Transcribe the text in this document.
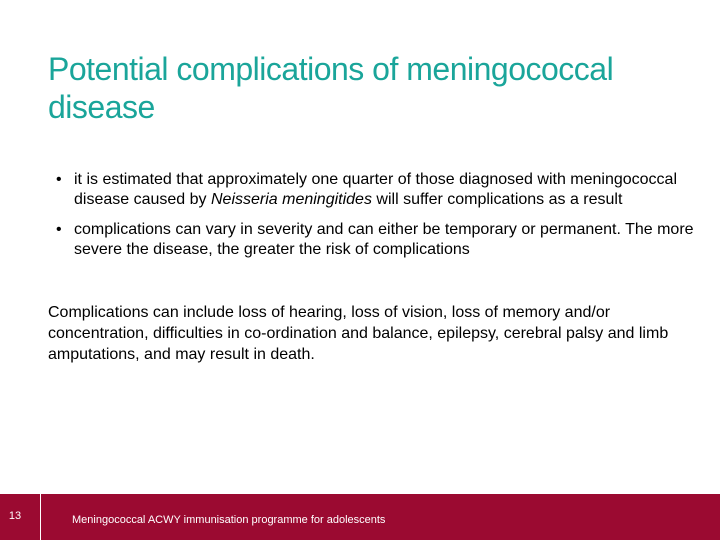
Potential complications of meningococcal disease
• it is estimated that approximately one quarter of those diagnosed with meningococcal disease caused by Neisseria meningitides will suffer complications as a result
• complications can vary in severity and can either be temporary or permanent. The more severe the disease, the greater the risk of complications

Complications can include loss of hearing, loss of vision, loss of memory and/or concentration, difficulties in co-ordination and balance, epilepsy, cerebral palsy and limb amputations, and may result in death.

13	Meningococcal ACWY immunisation programme for adolescents
